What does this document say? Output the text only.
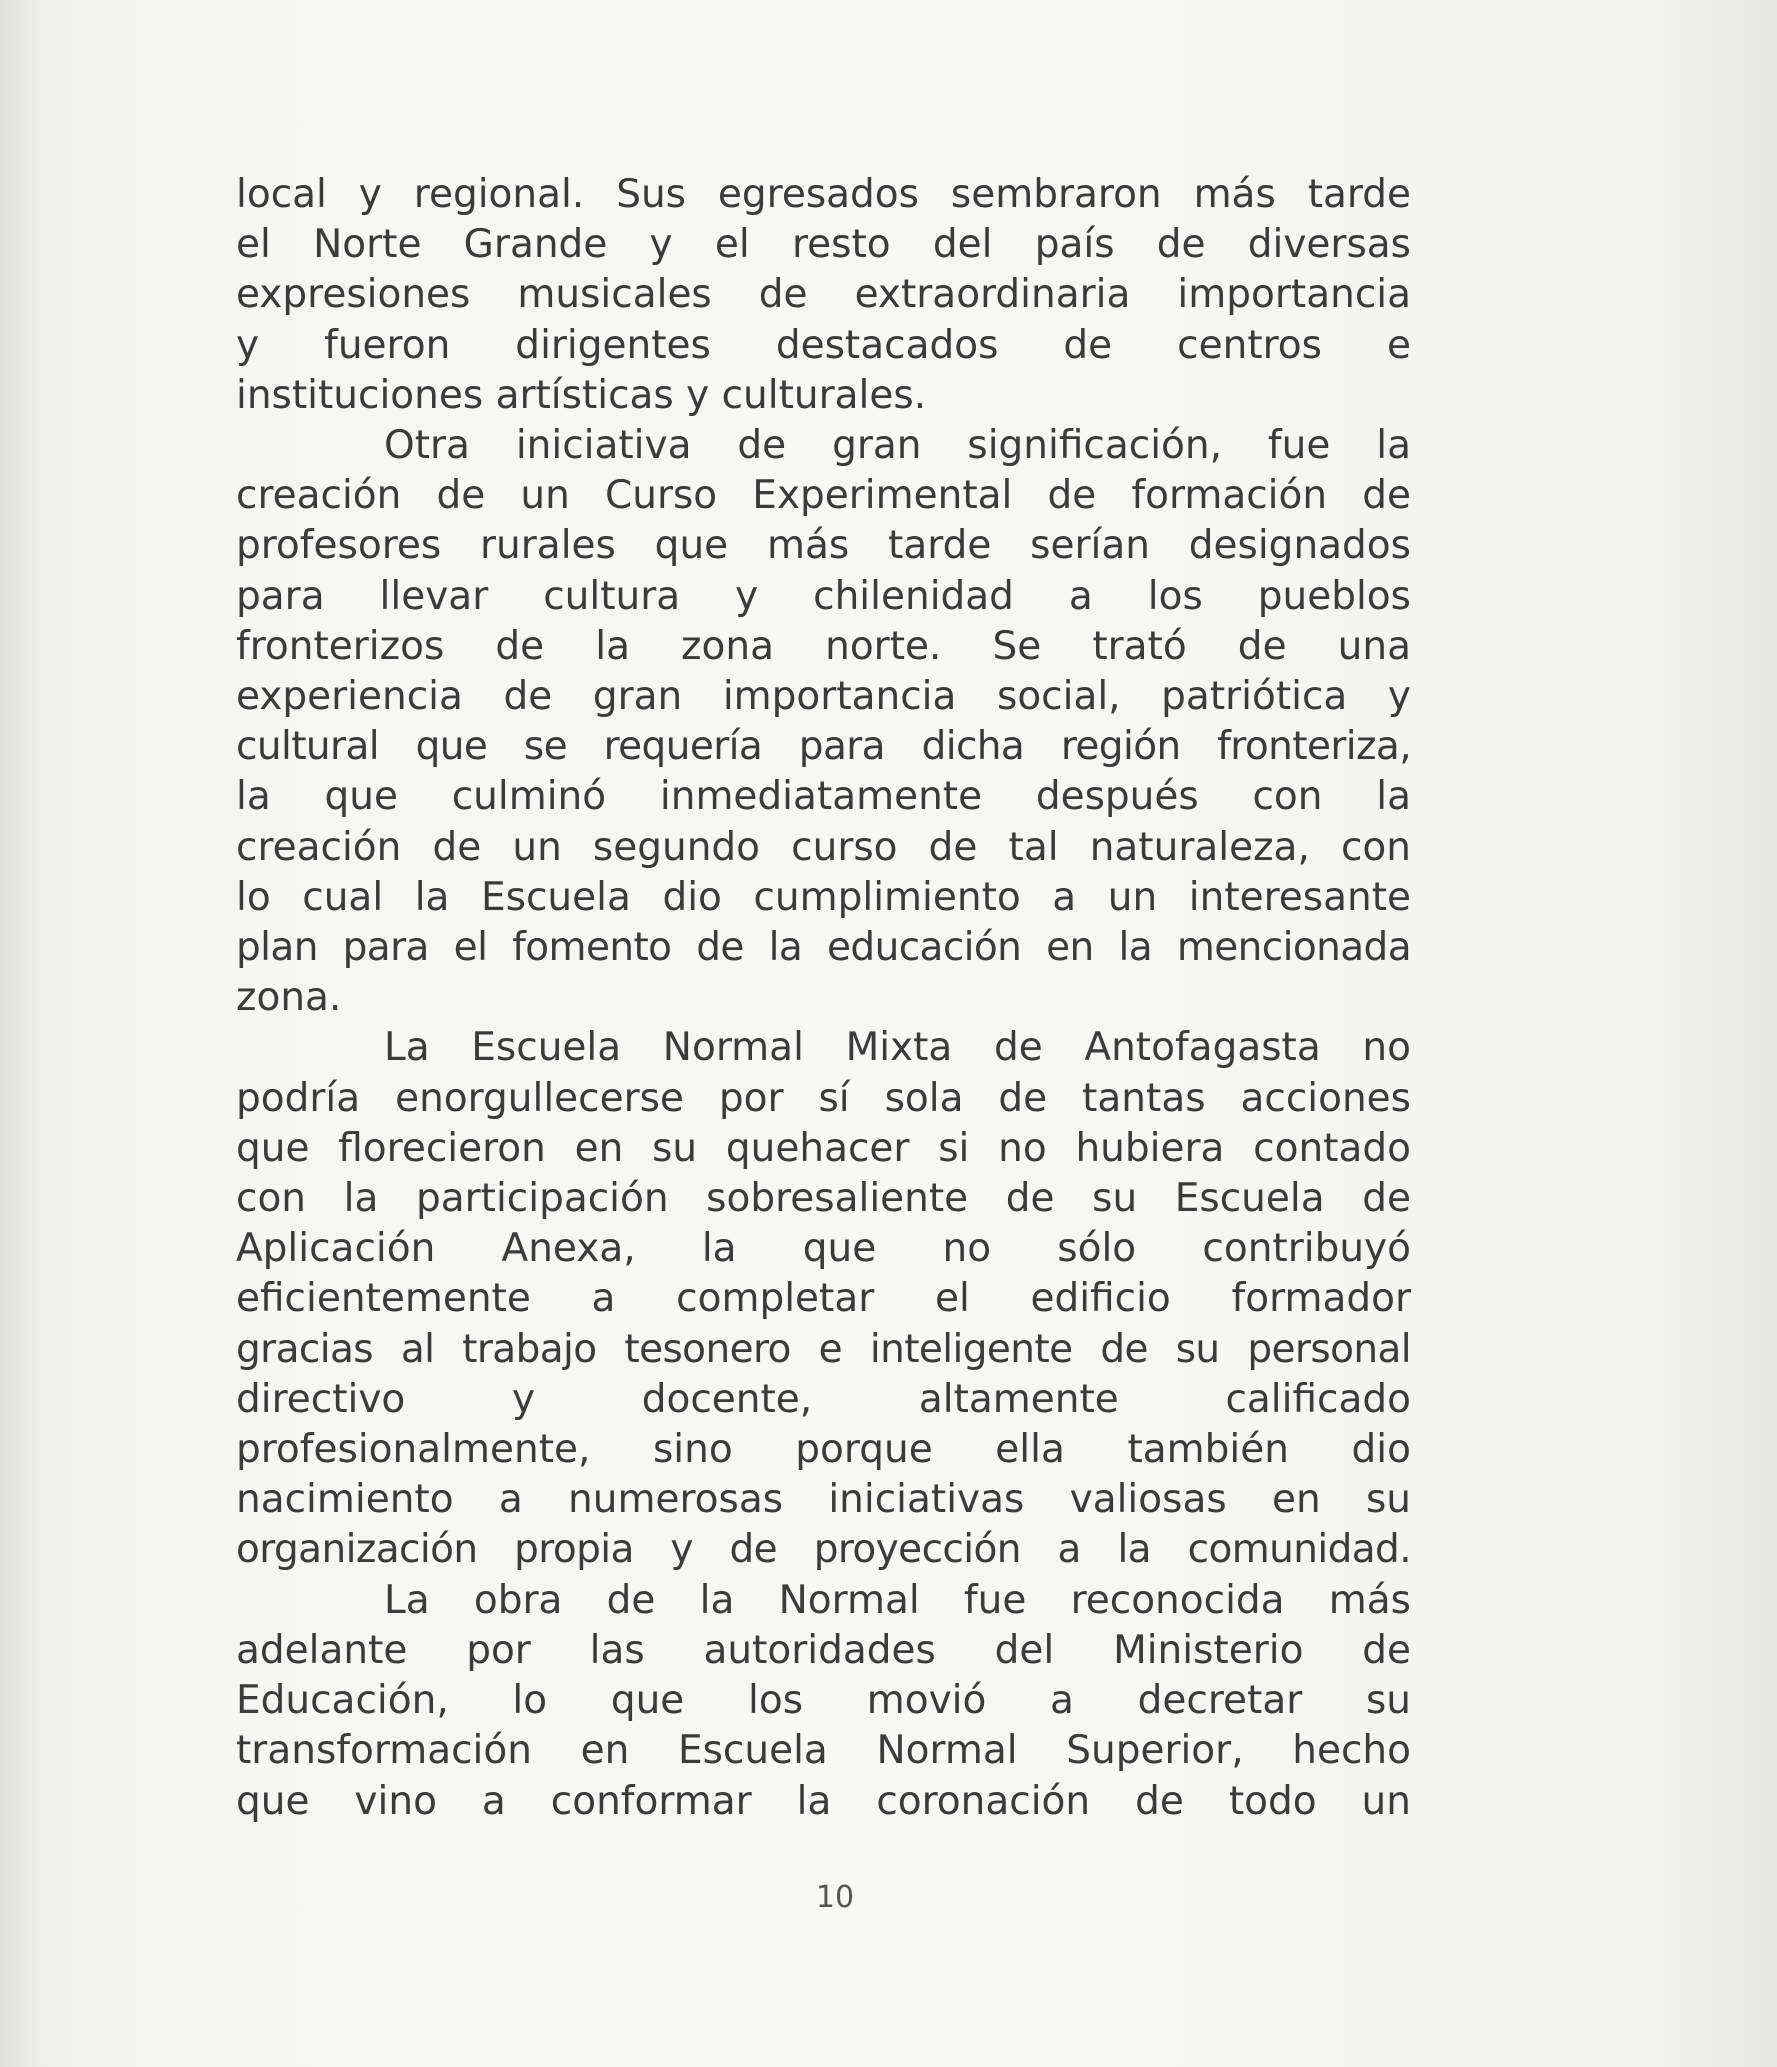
local y regional. Sus egresados sembraron más tarde
el Norte Grande y el resto del país de diversas
expresiones musicales de extraordinaria importancia
y fueron dirigentes destacados de centros e
instituciones artísticas y culturales.

Otra iniciativa de gran significación, fue la
creación de un Curso Experimental de formación de
profesores rurales que más tarde serían designados
para llevar cultura y chilenidad a los pueblos
fronterizos de la zona norte. Se trató de una
experiencia de gran importancia social, patriótica y
cultural que se requería para dicha región fronteriza,
la que culminó inmediatamente después con la
creación de un segundo curso de tal naturaleza, con
lo cual la Escuela dio cumplimiento a un interesante
plan para el fomento de la educación en la mencionada
zona.

La Escuela Normal Mixta de Antofagasta no
podría enorgullecerse por sí sola de tantas acciones
que florecieron en su quehacer si no hubiera contado
con la participación sobresaliente de su Escuela de
Aplicación Anexa, la que no sólo contribuyó
eficientemente a completar el edificio formador
gracias al trabajo tesonero e inteligente de su personal
directivo y docente, altamente calificado
profesionalmente, sino porque ella también dio
nacimiento a numerosas iniciativas valiosas en su
organización propia y de proyección a la comunidad.

La obra de la Normal fue reconocida más
adelante por las autoridades del Ministerio de
Educación, lo que los movió a decretar su
transformación en Escuela Normal Superior, hecho
que vino a conformar la coronación de todo un

10
